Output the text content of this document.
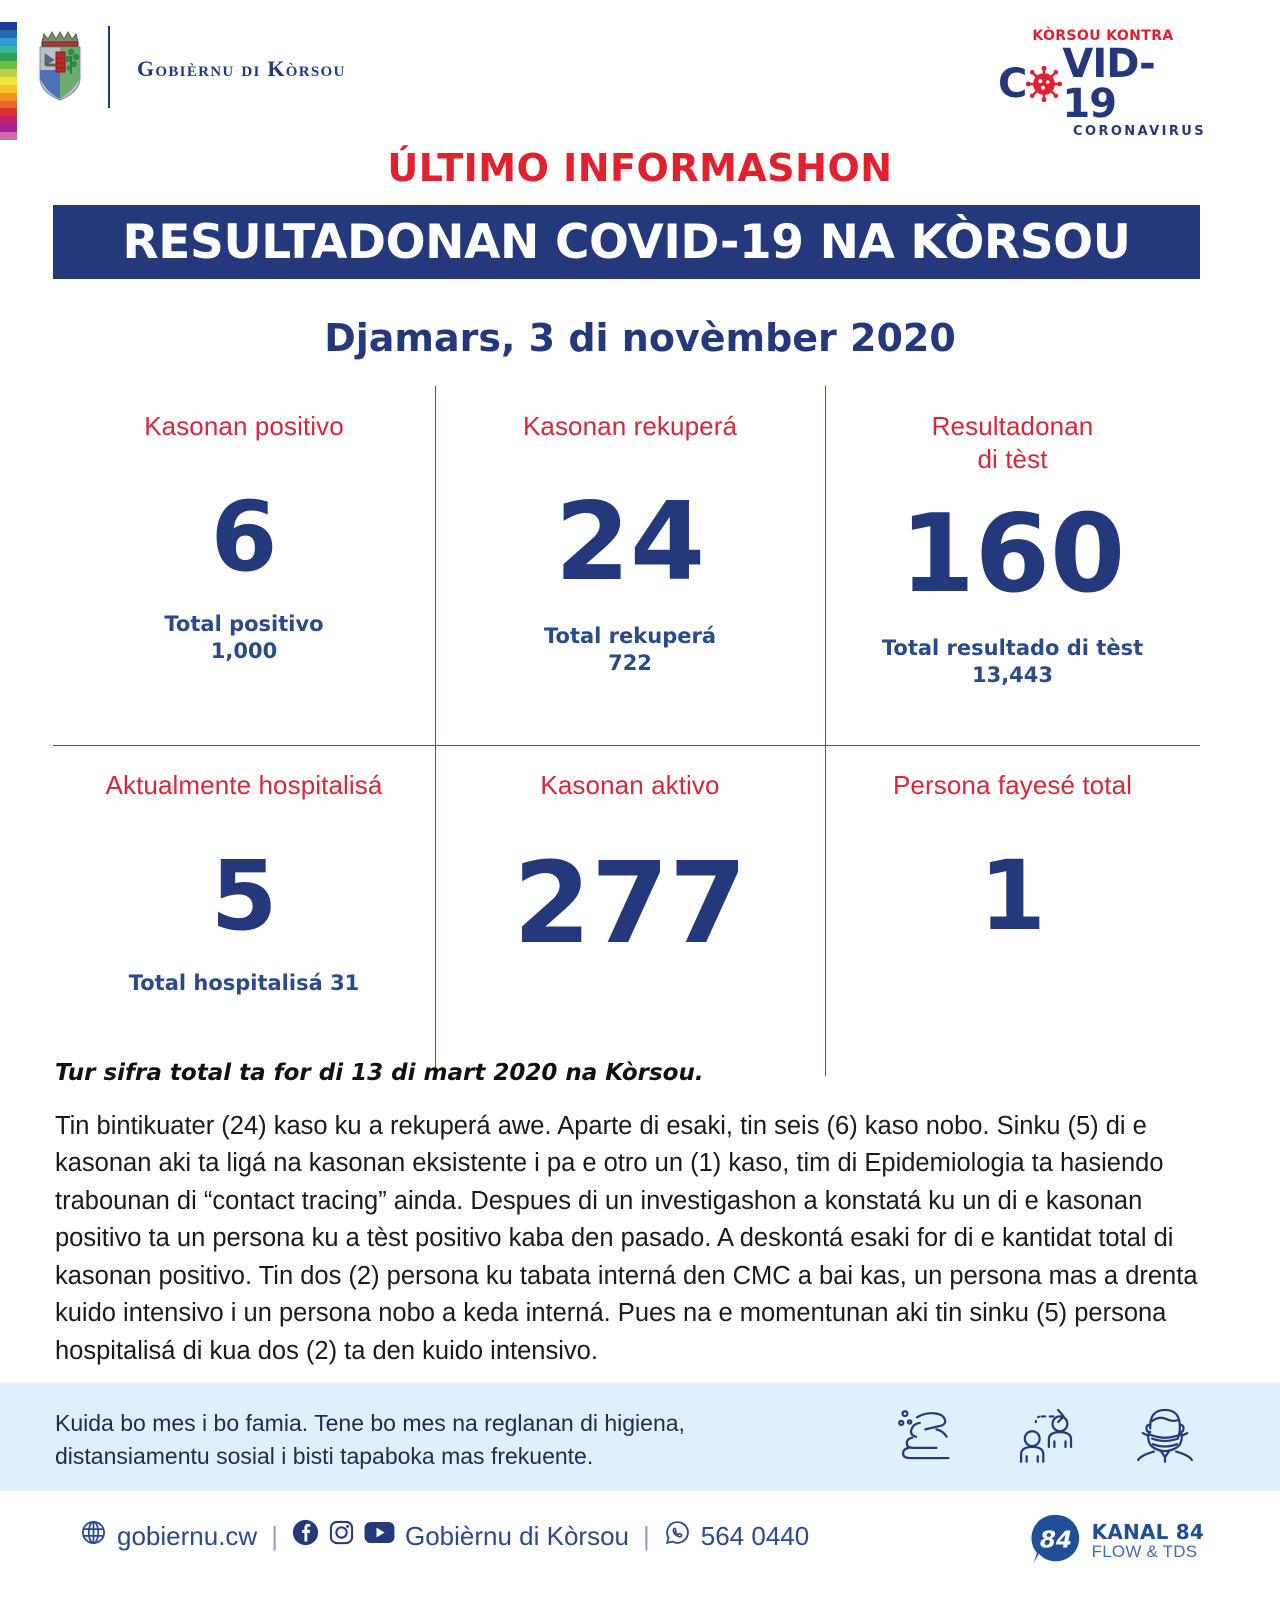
Gobièrnu di Kòrsou
KÒRSOU KONTRA
C VID-19
CORONAVIRUS
ÚLTIMO INFORMASHON
RESULTADONAN COVID-19 NA KÒRSOU
Djamars, 3 di novèmber 2020
Kasonan positivo
6
Total positivo
1,000
Kasonan rekuperá
24
Total rekuperá
722
Resultadonan
di tèst
160
Total resultado di tèst
13,443
Aktualmente hospitalisá
5
Total hospitalisá 31
Kasonan aktivo
277
Persona fayesé total
1
Tur sifra total ta for di 13 di mart 2020 na Kòrsou.
Tin bintikuater (24) kaso ku a rekuperá awe. Aparte di esaki, tin seis (6) kaso nobo. Sinku (5) di e kasonan aki ta ligá na kasonan eksistente i pa e otro un (1) kaso, tim di Epidemiologia ta hasiendo trabounan di “contact tracing” ainda. Despues di un investigashon a konstatá ku un di e kasonan positivo ta un persona ku a tèst positivo kaba den pasado. A deskontá esaki for di e kantidat total di kasonan positivo. Tin dos (2) persona ku tabata interná den CMC a bai kas, un persona mas a drenta kuido intensivo i un persona nobo a keda interná. Pues na e momentunan aki tin sinku (5) persona hospitalisá di kua dos (2) ta den kuido intensivo.
Kuida bo mes i bo famia. Tene bo mes na reglanan di higiena, distansiamentu sosial i bisti tapaboka mas frekuente.
gobiernu.cw |	Gobièrnu di Kòrsou | 564 0440	84 KANAL 84
FLOW & TDS
